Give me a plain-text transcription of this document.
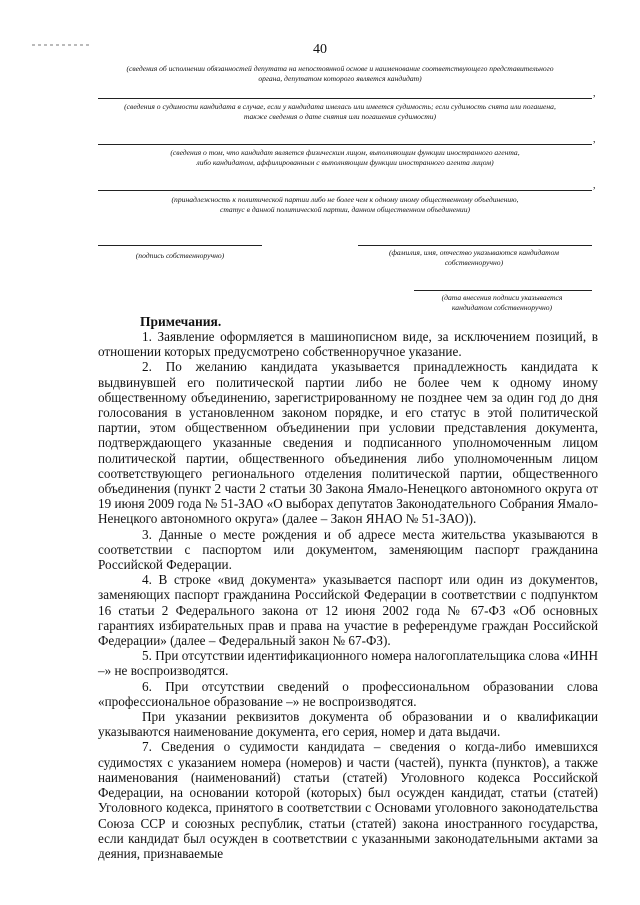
40
(сведения об исполнении обязанностей депутата на непостоянной основе и наименование соответствующего представительного
органа, депутатом которого является кандидат)
,
(сведения о судимости кандидата в случае, если у кандидата имелась или имеется судимость; если судимость снята или погашена,
также сведения о дате снятия или погашения судимости)
,
(сведения о том, что кандидат является физическим лицом, выполняющим функции иностранного агента,
либо кандидатом, аффилированным с выполняющим функции иностранного агента лицом)
,
(принадлежность к политической партии либо не более чем к одному иному общественному объединению,
статус в данной политической партии, данном общественном объединении)
(подпись собственноручно)	(фамилия, имя, отчество указываются кандидатом
собственноручно)
(дата внесения подписи указывается
кандидатом собственноручно)
Примечания.

1. Заявление оформляется в машинописном виде, за исключением позиций, в отношении которых предусмотрено собственноручное указание.

2. По желанию кандидата указывается принадлежность кандидата к выдвинувшей его политической партии либо не более чем к одному иному общественному объединению, зарегистрированному не позднее чем за один год до дня голосования в установленном законом порядке, и его статус в этой политической партии, этом общественном объединении при условии представления документа, подтверждающего указанные сведения и подписанного уполномоченным лицом политической партии, общественного объединения либо уполномоченным лицом соответствующего регионального отделения политической партии, общественного объединения (пункт 2 части 2 статьи 30 Закона Ямало-Ненецкого автономного округа от 19 июня 2009 года № 51-ЗАО «О выборах депутатов Законодательного Собрания Ямало-Ненецкого автономного округа» (далее – Закон ЯНАО № 51-ЗАО)).

3. Данные о месте рождения и об адресе места жительства указываются в соответствии с паспортом или документом, заменяющим паспорт гражданина Российской Федерации.

4. В строке «вид документа» указывается паспорт или один из документов, заменяющих паспорт гражданина Российской Федерации в соответствии с подпунктом 16 статьи 2 Федерального закона от 12 июня 2002 года № 67-ФЗ «Об основных гарантиях избирательных прав и права на участие в референдуме граждан Российской Федерации» (далее – Федеральный закон № 67-ФЗ).

5. При отсутствии идентификационного номера налогоплательщика слова «ИНН –» не воспроизводятся.

6. При отсутствии сведений о профессиональном образовании слова «профессиональное образование –» не воспроизводятся.

При указании реквизитов документа об образовании и о квалификации указываются наименование документа, его серия, номер и дата выдачи.

7. Сведения о судимости кандидата – сведения о когда-либо имевшихся судимостях с указанием номера (номеров) и части (частей), пункта (пунктов), а также наименования (наименований) статьи (статей) Уголовного кодекса Российской Федерации, на основании которой (которых) был осужден кандидат, статьи (статей) Уголовного кодекса, принятого в соответствии с Основами уголовного законодательства Союза ССР и союзных республик, статьи (статей) закона иностранного государства, если кандидат был осужден в соответствии с указанными законодательными актами за деяния, признаваемые
